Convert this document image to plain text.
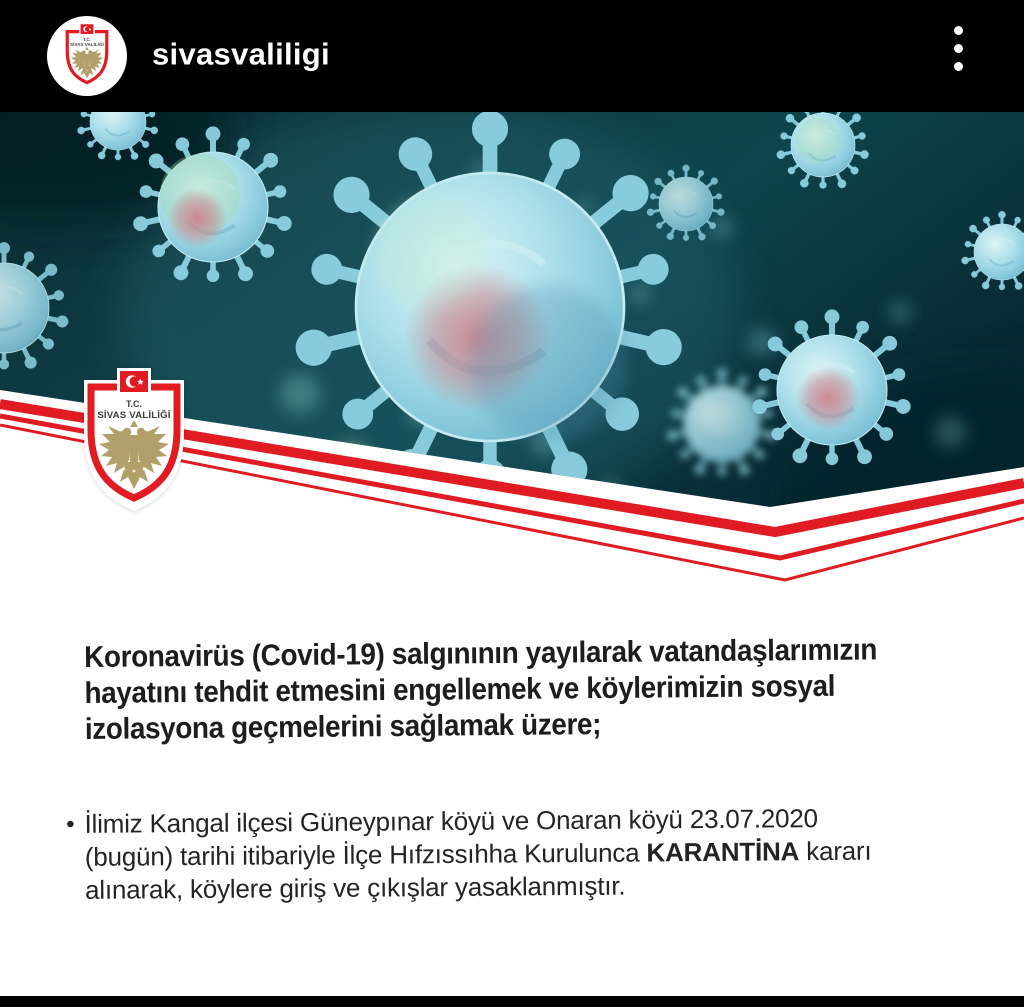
sivasvaliligi
Koronavirüs (Covid-19) salgınının yayılarak vatandaşlarımızın
hayatını tehdit etmesini engellemek ve köylerimizin sosyal
izolasyona geçmelerini sağlamak üzere;
• İlimiz Kangal ilçesi Güneypınar köyü ve Onaran köyü 23.07.2020
(bugün) tarihi itibariyle İlçe Hıfzıssıhha Kurulunca KARANTİNA kararı
alınarak, köylere giriş ve çıkışlar yasaklanmıştır.
